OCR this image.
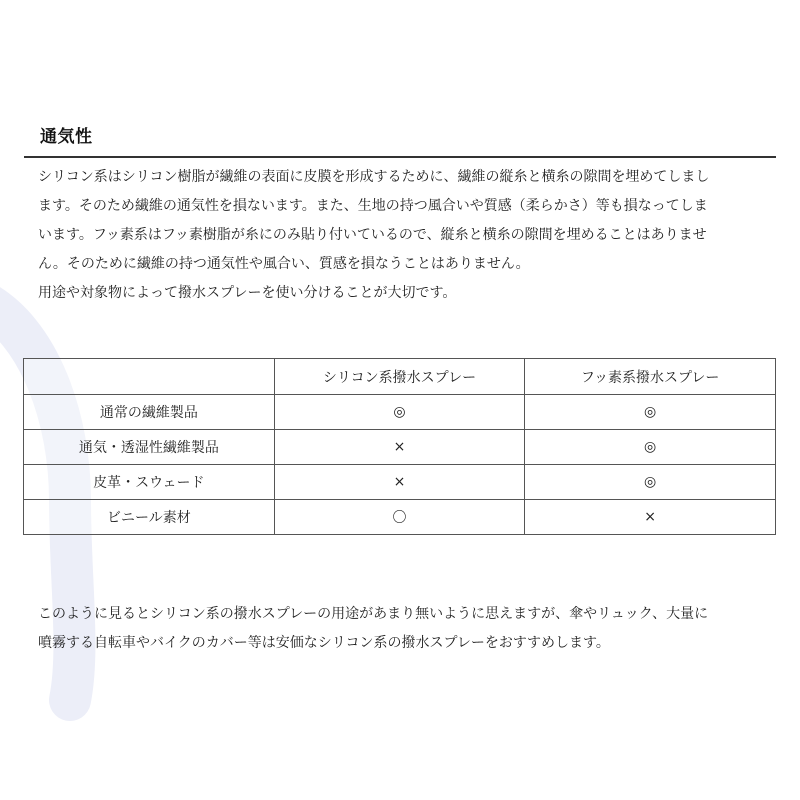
通気性
シリコン系はシリコン樹脂が繊維の表面に皮膜を形成するために、繊維の縦糸と横糸の隙間を埋めてしまし
ます。そのため繊維の通気性を損ないます。また、生地の持つ風合いや質感（柔らかさ）等も損なってしま
います。フッ素系はフッ素樹脂が糸にのみ貼り付いているので、縦糸と横糸の隙間を埋めることはありませ
ん。そのために繊維の持つ通気性や風合い、質感を損なうことはありません。
用途や対象物によって撥水スプレーを使い分けることが大切です。
	シリコン系撥水スプレー	フッ素系撥水スプレー
通常の繊維製品	◎	◎
通気・透湿性繊維製品	×	◎
皮革・スウェード	×	◎
ビニール素材	〇	×
このように見るとシリコン系の撥水スプレーの用途があまり無いように思えますが、傘やリュック、大量に
噴霧する自転車やバイクのカバー等は安価なシリコン系の撥水スプレーをおすすめします。
